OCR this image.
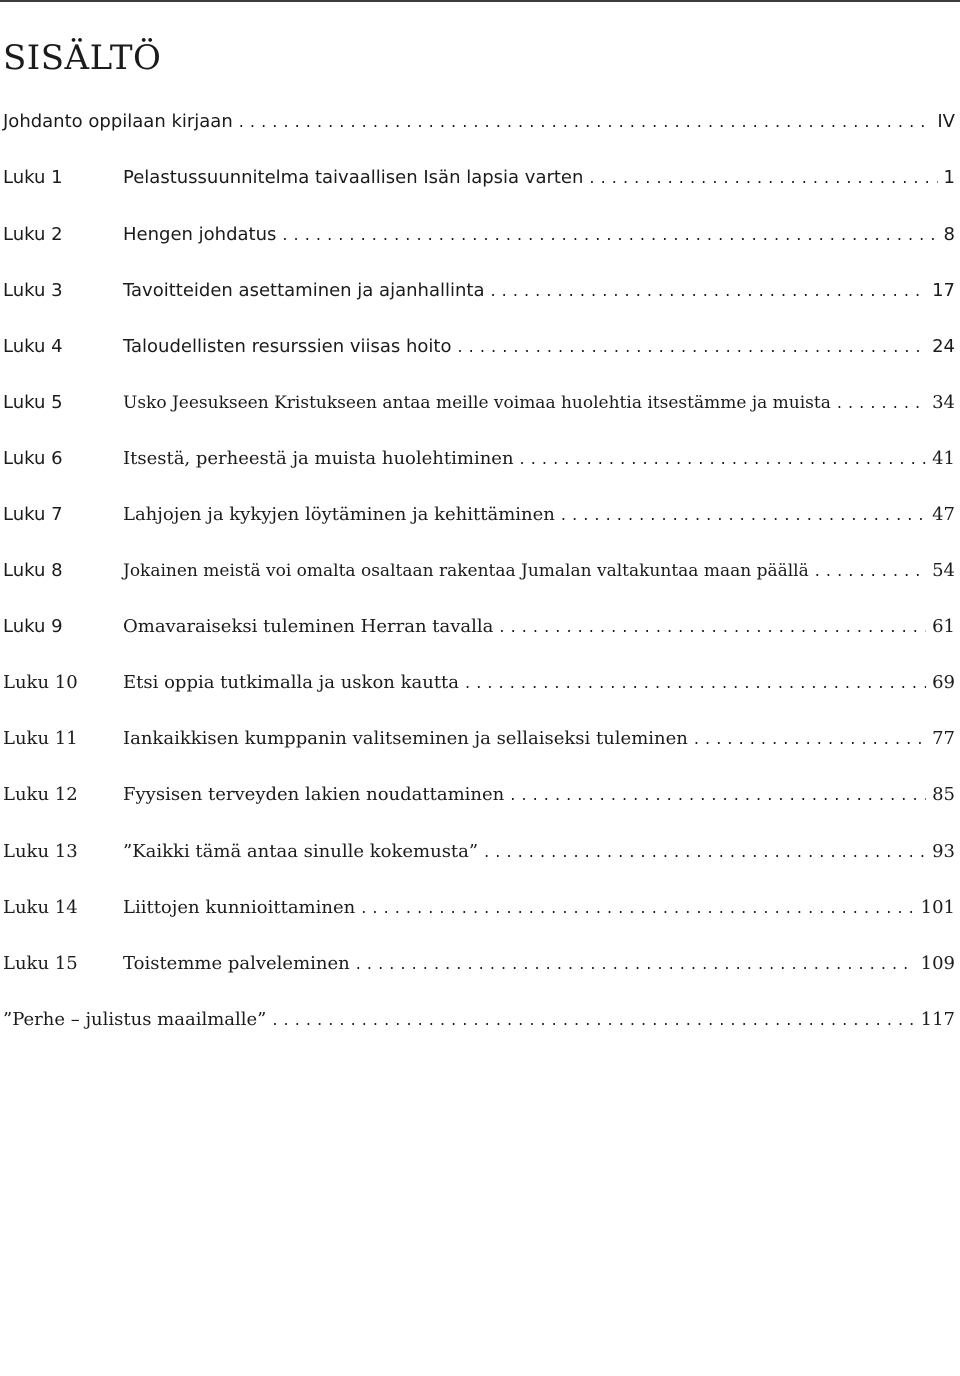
SISÄLTÖ
Johdanto oppilaan kirjaan . . .	IV
Luku 1	Pelastussuunnitelma taivaallisen Isän lapsia varten . . .	1
Luku 2	Hengen johdatus . . .	8
Luku 3	Tavoitteiden asettaminen ja ajanhallinta . . .	17
Luku 4	Taloudellisten resurssien viisas hoito . . .	24
Luku 5	Usko Jeesukseen Kristukseen antaa meille voimaa huolehtia itsestämme ja muista . . .	34
Luku 6	Itsestä, perheestä ja muista huolehtiminen . . .	41
Luku 7	Lahjojen ja kykyjen löytäminen ja kehittäminen . . .	47
Luku 8	Jokainen meistä voi omalta osaltaan rakentaa Jumalan valtakuntaa maan päällä . . .	54
Luku 9	Omavaraiseksi tuleminen Herran tavalla . . .	61
Luku 10	Etsi oppia tutkimalla ja uskon kautta . . .	69
Luku 11	Iankaikkisen kumppanin valitseminen ja sellaiseksi tuleminen . . .	77
Luku 12	Fyysisen terveyden lakien noudattaminen . . .	85
Luku 13	”Kaikki tämä antaa sinulle kokemusta” . . .	93
Luku 14	Liittojen kunnioittaminen . . .	101
Luku 15	Toistemme palveleminen . . .	109
”Perhe – julistus maailmalle” . . .	117
